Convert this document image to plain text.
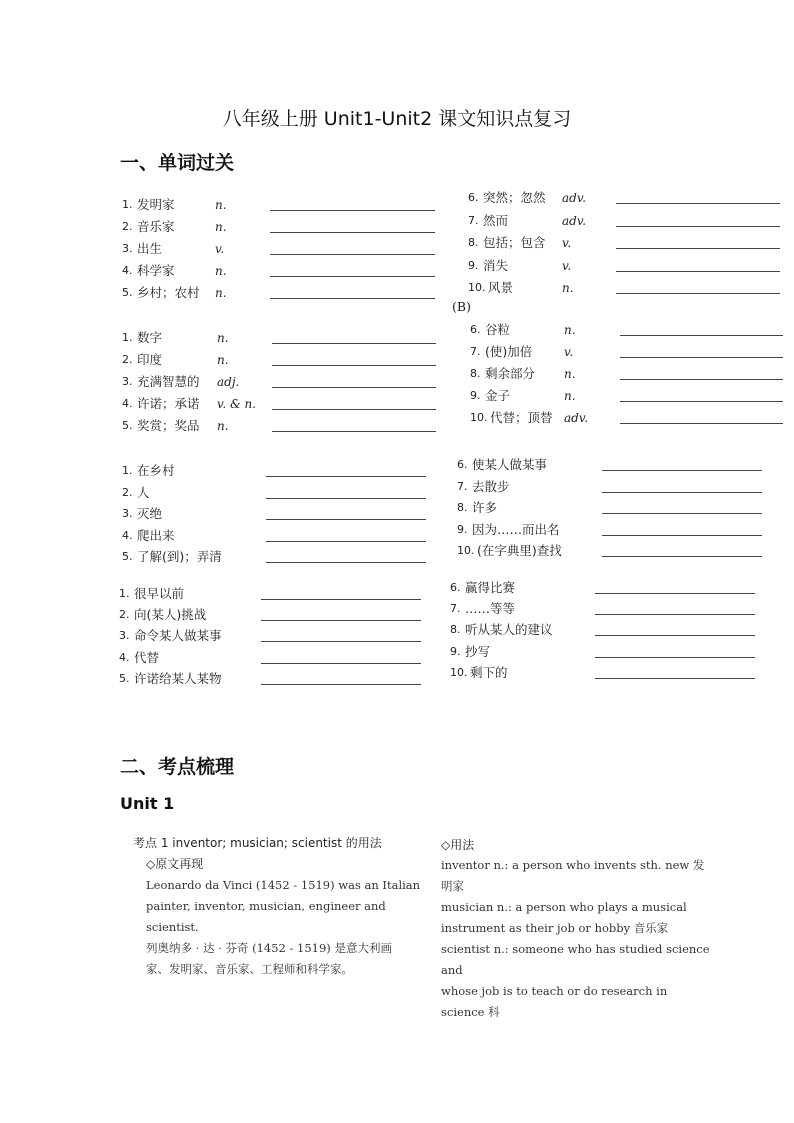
八年级上册 Unit1-Unit2 课文知识点复习
一、单词过关
1. 发明家	n.
2. 音乐家	n.
3. 出生	v.
4. 科学家	n.
5. 乡村；农村 n.
6. 突然；忽然 adv.
7. 然而	adv.
8. 包括；包含 v.
9. 消失	v.
10. 风景	n.
(B)
1. 数字	n.
2. 印度	n.
3. 充满智慧的 adj.
4. 许诺；承诺 v. & n.
5. 奖赏；奖品 n.
6. 谷粒	n.
7. (使)加倍	v.
8. 剩余部分 n.
9. 金子	n.
10. 代替；顶替 adv.
1. 在乡村
2. 人
3. 灭绝
4. 爬出来
5. 了解(到)；弄清
6. 使某人做某事
7. 去散步
8. 许多
9. 因为……而出名
10. (在字典里)查找
1. 很早以前
2. 向(某人)挑战
3. 命令某人做某事
4. 代替
5. 许诺给某人某物
6. 赢得比赛
7. ……等等
8. 听从某人的建议
9. 抄写
10. 剩下的
二、考点梳理
Unit 1
考点 1 inventor; musician; scientist 的用法
◇原文再现
◇用法
Leonardo da Vinci (1452 - 1519) was an Italian
painter, inventor, musician, engineer and scientist.
列奥纳多 · 达 · 芬奇 (1452 - 1519) 是意大利画
家、发明家、音乐家、工程师和科学家。
inventor n.: a person who invents sth. new 发明家
musician n.: a person who plays a musical
instrument as their job or hobby 音乐家
scientist n.: someone who has studied science and
whose job is to teach or do research in science 科
